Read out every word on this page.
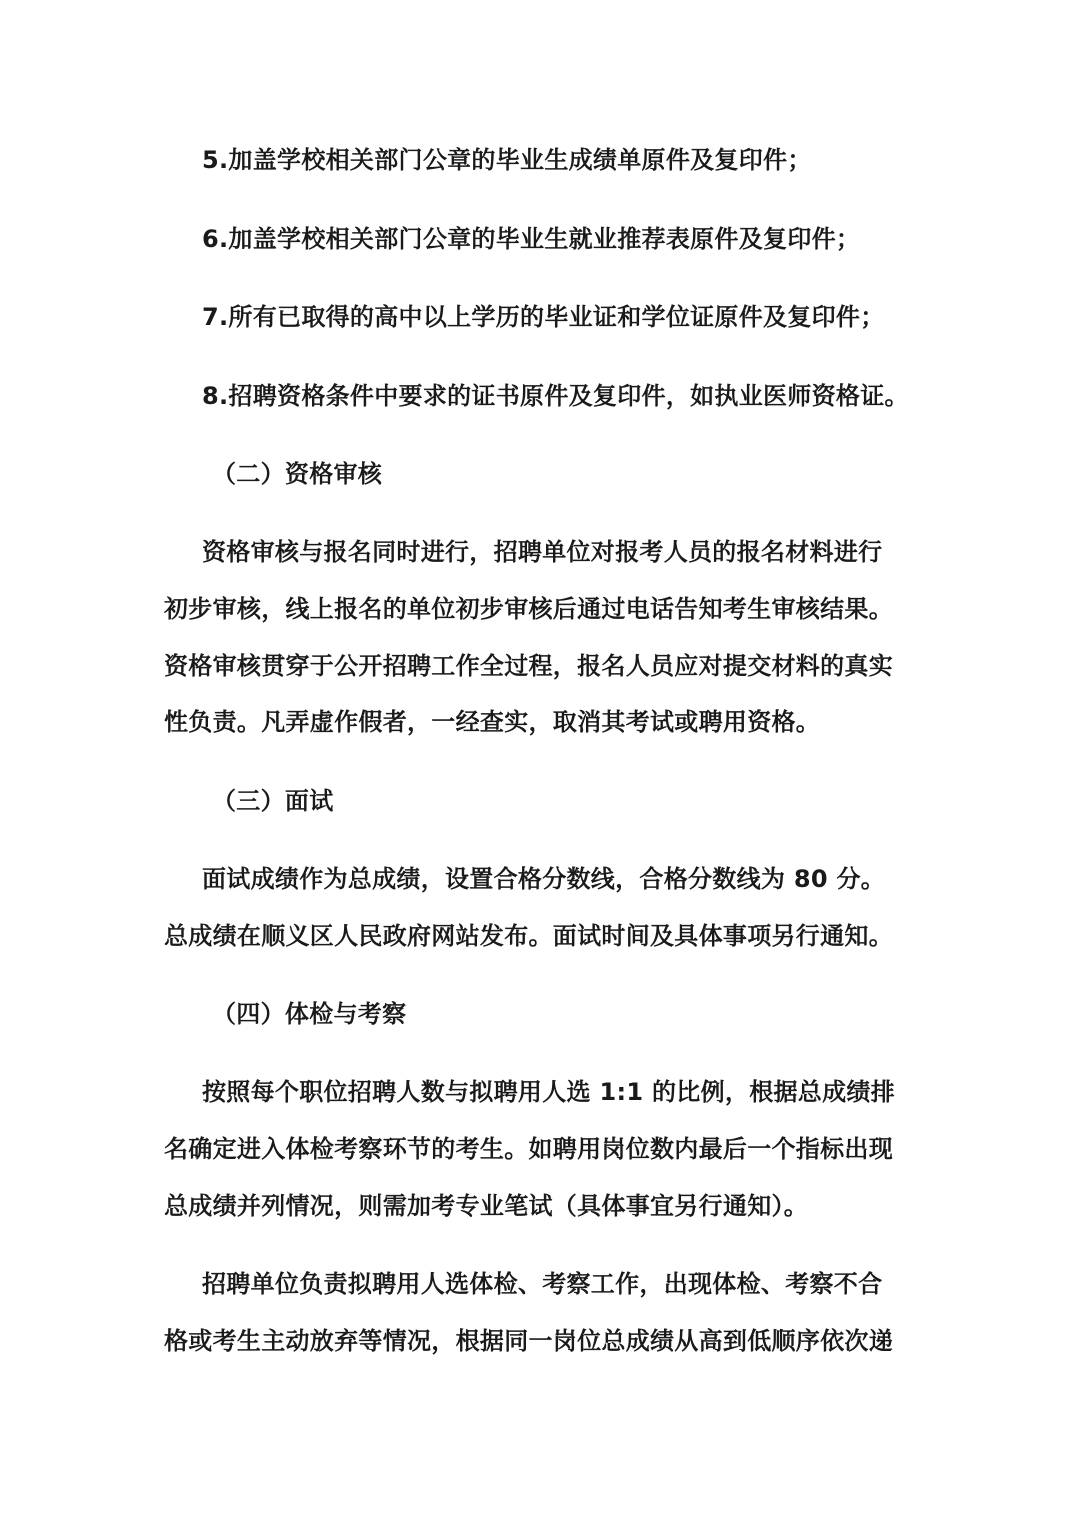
5.加盖学校相关部门公章的毕业生成绩单原件及复印件；
6.加盖学校相关部门公章的毕业生就业推荐表原件及复印件；
7.所有已取得的高中以上学历的毕业证和学位证原件及复印件；
8.招聘资格条件中要求的证书原件及复印件，如执业医师资格证。
（二）资格审核
资格审核与报名同时进行，招聘单位对报考人员的报名材料进行
初步审核，线上报名的单位初步审核后通过电话告知考生审核结果。
资格审核贯穿于公开招聘工作全过程，报名人员应对提交材料的真实
性负责。凡弄虚作假者，一经查实，取消其考试或聘用资格。
（三）面试
面试成绩作为总成绩，设置合格分数线，合格分数线为 80 分。
总成绩在顺义区人民政府网站发布。面试时间及具体事项另行通知。
（四）体检与考察
按照每个职位招聘人数与拟聘用人选 1:1 的比例，根据总成绩排
名确定进入体检考察环节的考生。如聘用岗位数内最后一个指标出现
总成绩并列情况，则需加考专业笔试（具体事宜另行通知）。
招聘单位负责拟聘用人选体检、考察工作，出现体检、考察不合
格或考生主动放弃等情况，根据同一岗位总成绩从高到低顺序依次递
